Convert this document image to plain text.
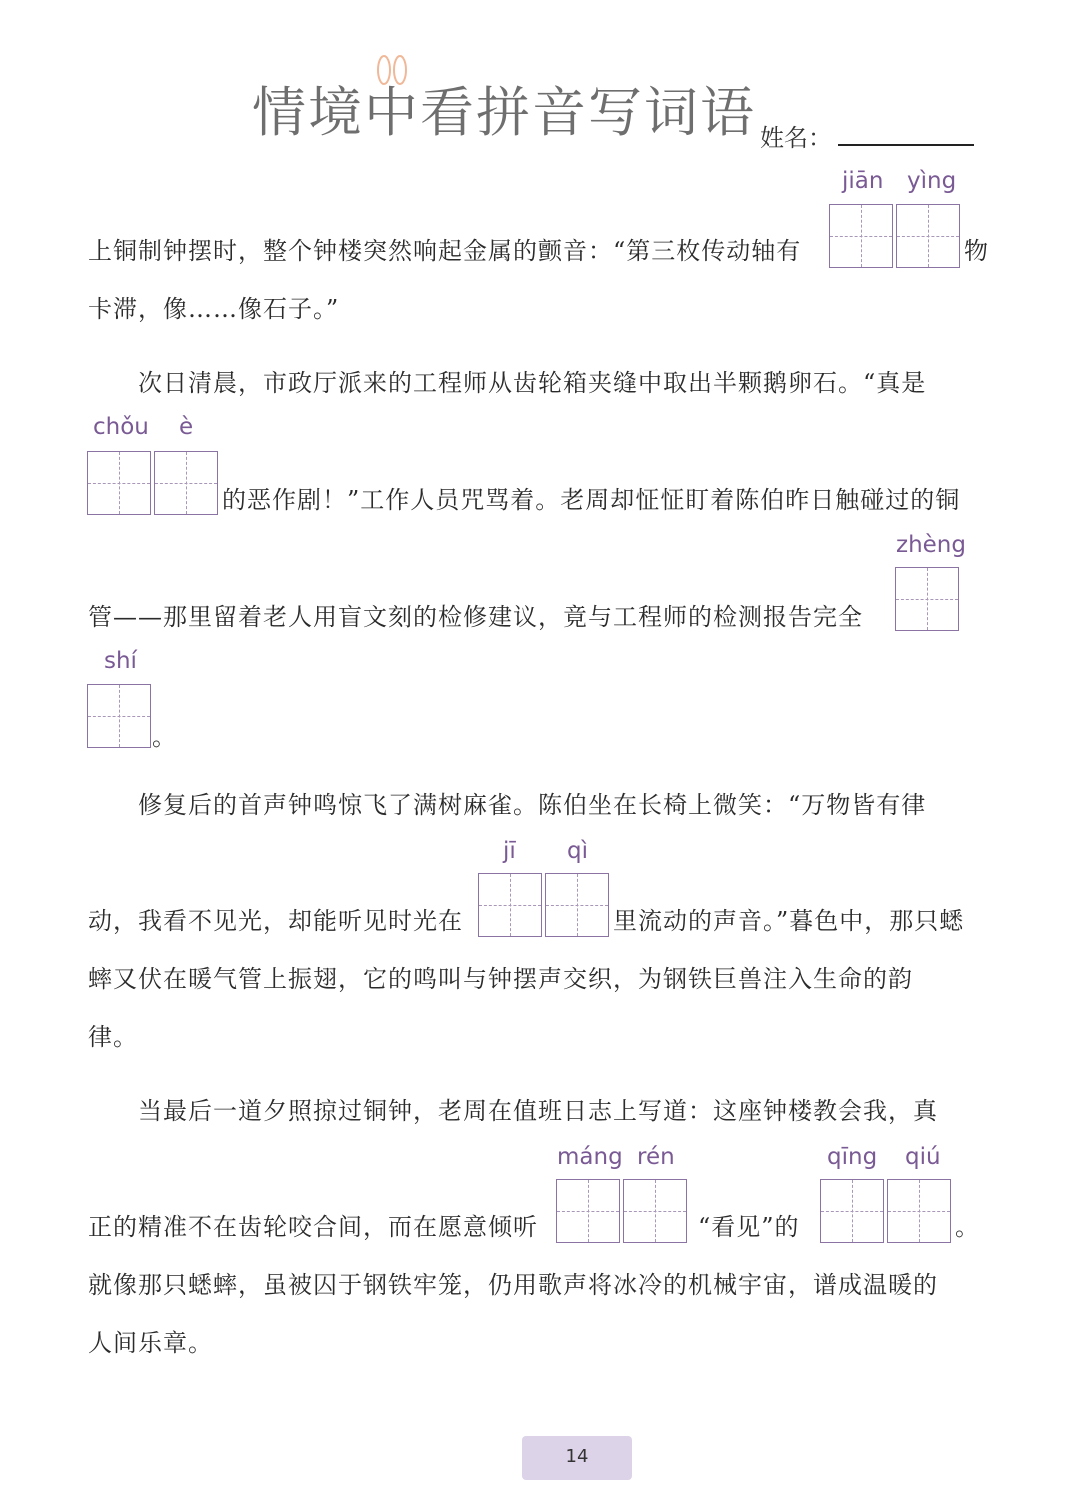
情境中看拼音写词语 姓名：
jiān yìng
上铜制钟摆时，整个钟楼突然响起金属的颤音：“第三枚传动轴有	物
卡滞，像……像石子。”
次日清晨，市政厅派来的工程师从齿轮箱夹缝中取出半颗鹅卵石。“真是
chǒu è
的恶作剧！”工作人员咒骂着。老周却怔怔盯着陈伯昨日触碰过的铜
zhèng
管——那里留着老人用盲文刻的检修建议，竟与工程师的检测报告完全
shí
。
修复后的首声钟鸣惊飞了满树麻雀。陈伯坐在长椅上微笑：“万物皆有律
jī qì
动，我看不见光，却能听见时光在	里流动的声音。”暮色中，那只蟋
蟀又伏在暖气管上振翅，它的鸣叫与钟摆声交织，为钢铁巨兽注入生命的韵
律。
当最后一道夕照掠过铜钟，老周在值班日志上写道：这座钟楼教会我，真
máng rén	qīng qiú
正的精准不在齿轮咬合间，而在愿意倾听	“看见”的	。
就像那只蟋蟀，虽被囚于钢铁牢笼，仍用歌声将冰冷的机械宇宙，谱成温暖的
人间乐章。
14
